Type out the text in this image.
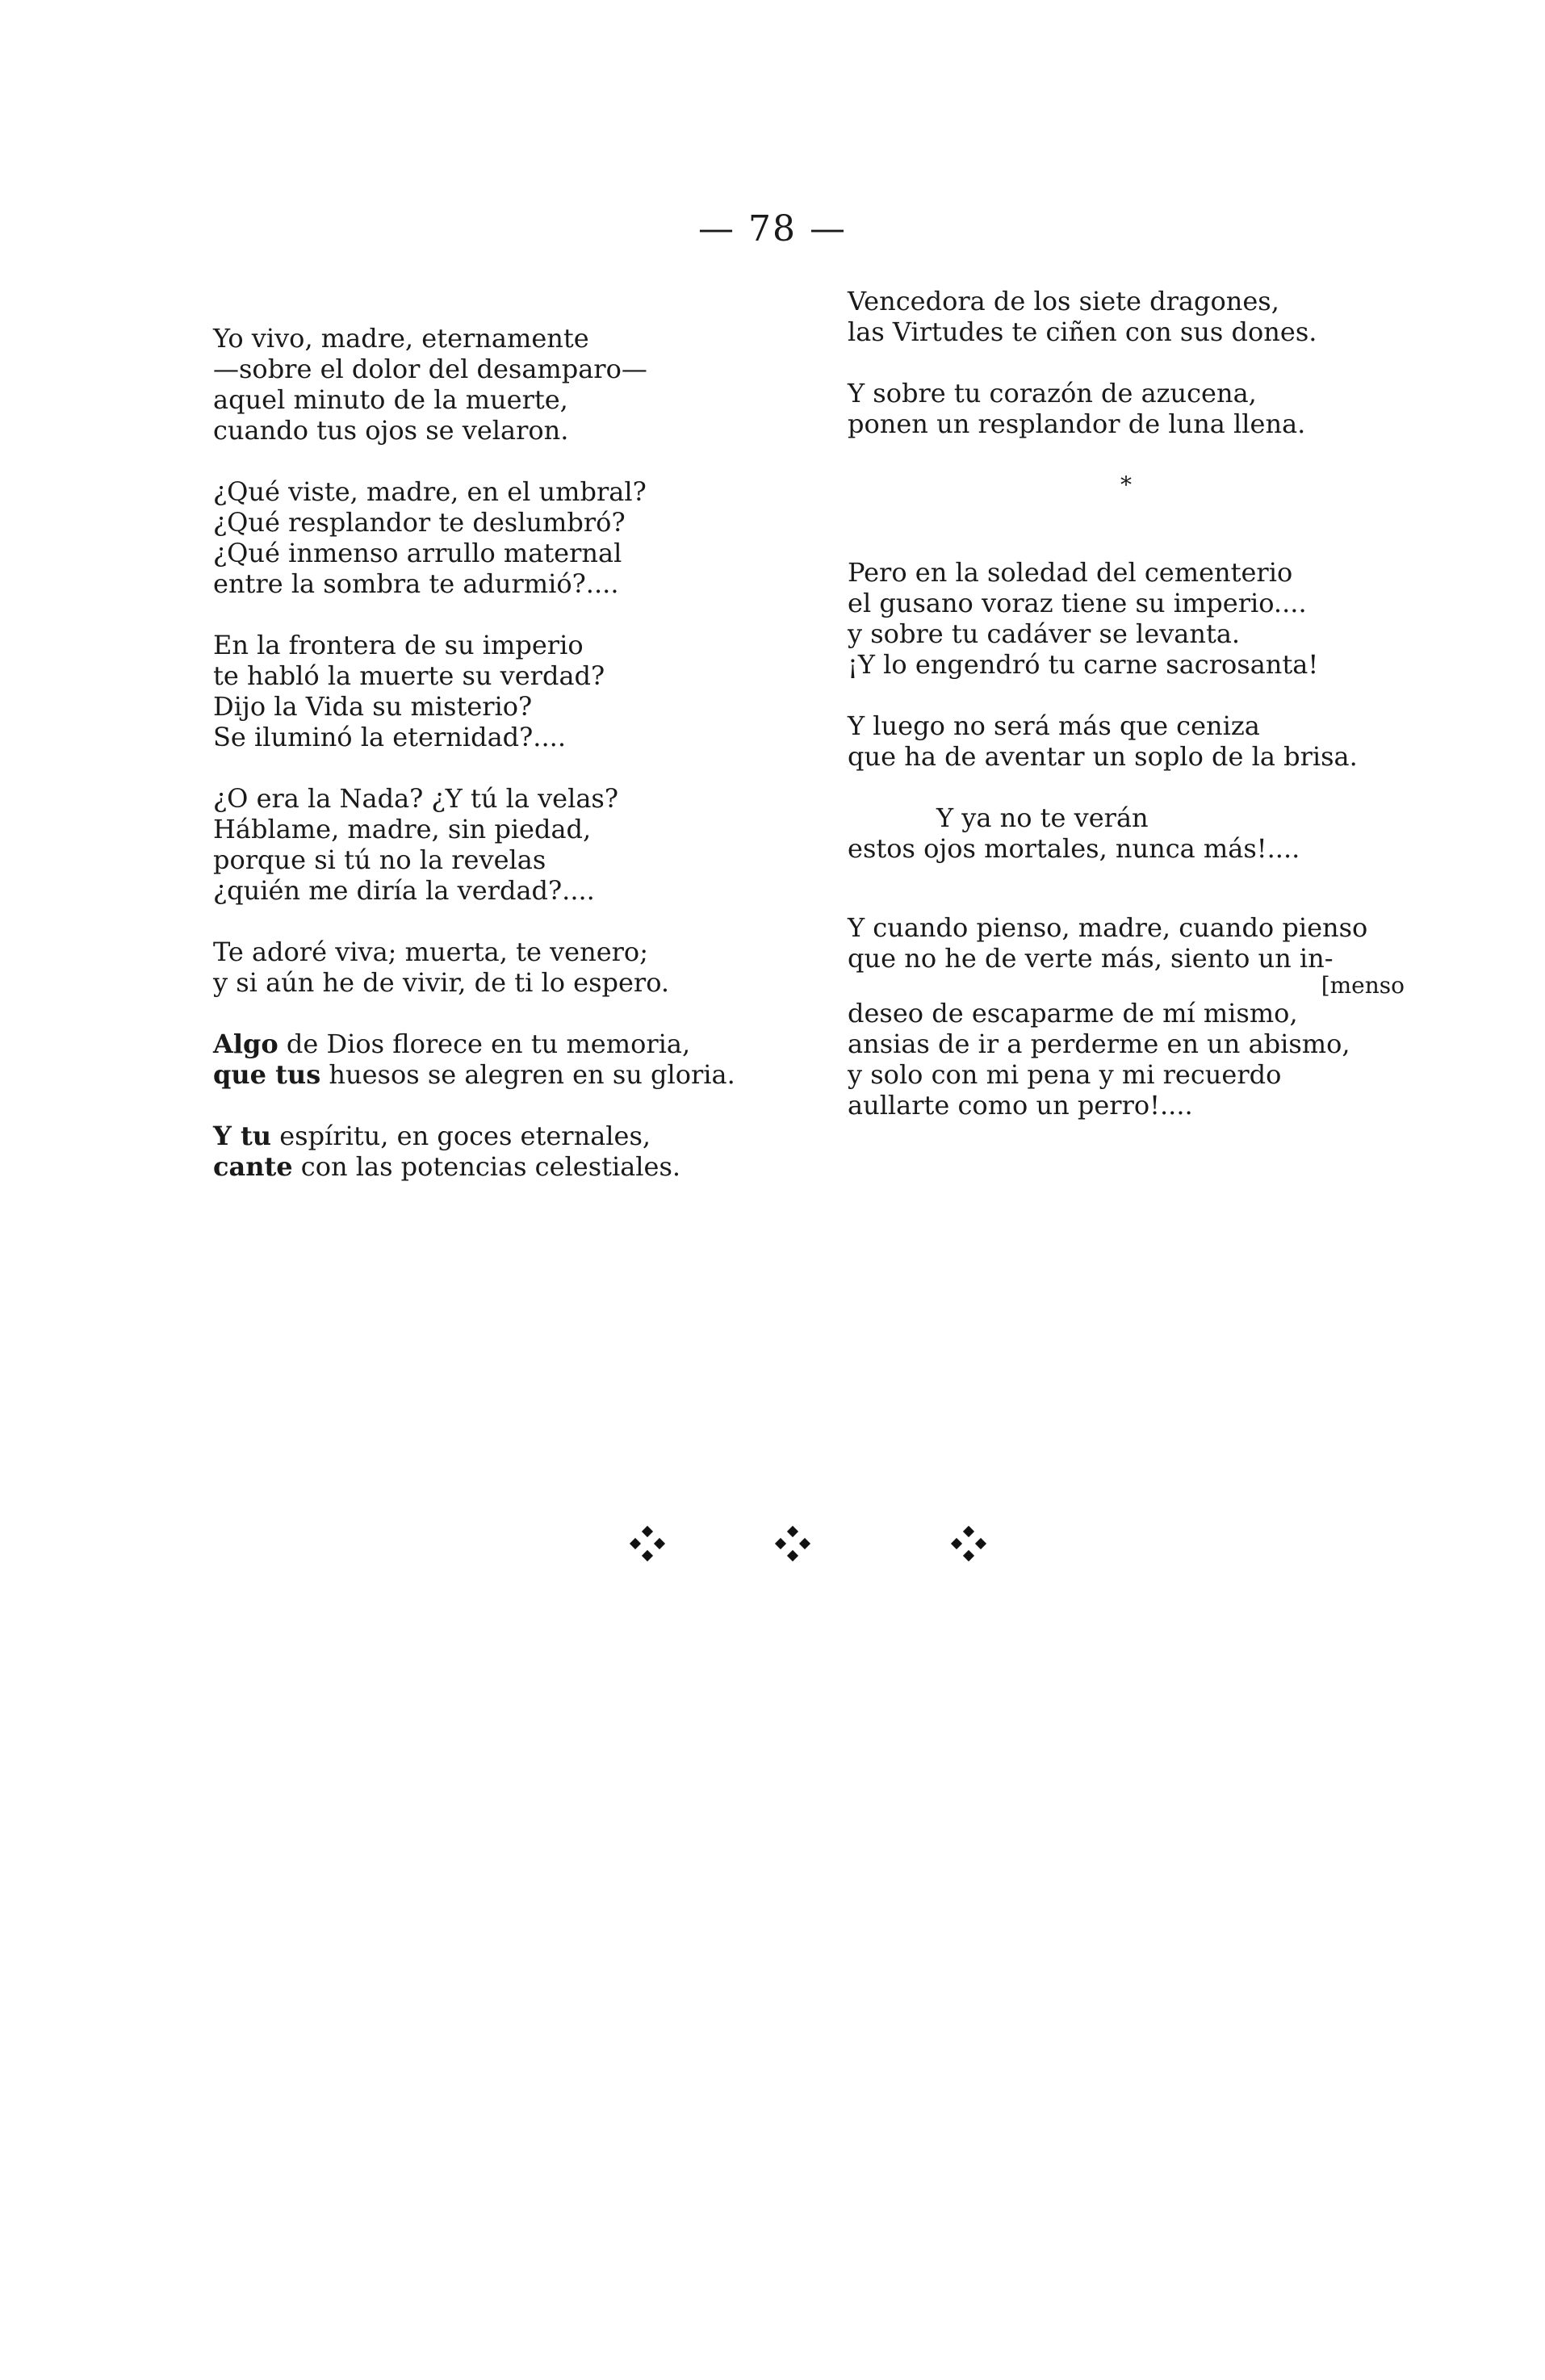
— 78 —
Yo vivo, madre, eternamente
—sobre el dolor del desamparo—
aquel minuto de la muerte,
cuando tus ojos se velaron.
¿Qué viste, madre, en el umbral?
¿Qué resplandor te deslumbró?
¿Qué inmenso arrullo maternal
entre la sombra te adurmió?....
En la frontera de su imperio
te habló la muerte su verdad?
Dijo la Vida su misterio?
Se iluminó la eternidad?....
¿O era la Nada? ¿Y tú la velas?
Háblame, madre, sin piedad,
porque si tú no la revelas
¿quién me diría la verdad?....
Te adoré viva; muerta, te venero;
y si aún he de vivir, de ti lo espero.
Algo de Dios florece en tu memoria,
que tus huesos se alegren en su gloria.
Y tu espíritu, en goces eternales,
cante con las potencias celestiales.
Vencedora de los siete dragones,
las Virtudes te ciñen con sus dones.
Y sobre tu corazón de azucena,
ponen un resplandor de luna llena.
*
Pero en la soledad del cementerio
el gusano voraz tiene su imperio....
y sobre tu cadáver se levanta.
¡Y lo engendró tu carne sacrosanta!
Y luego no será más que ceniza
que ha de aventar un soplo de la brisa.
Y ya no te verán
estos ojos mortales, nunca más!....
Y cuando pienso, madre, cuando pienso
que no he de verte más, siento un in-
[menso
deseo de escaparme de mí mismo,
ansias de ir a perderme en un abismo,
y solo con mi pena y mi recuerdo
aullarte como un perro!....
